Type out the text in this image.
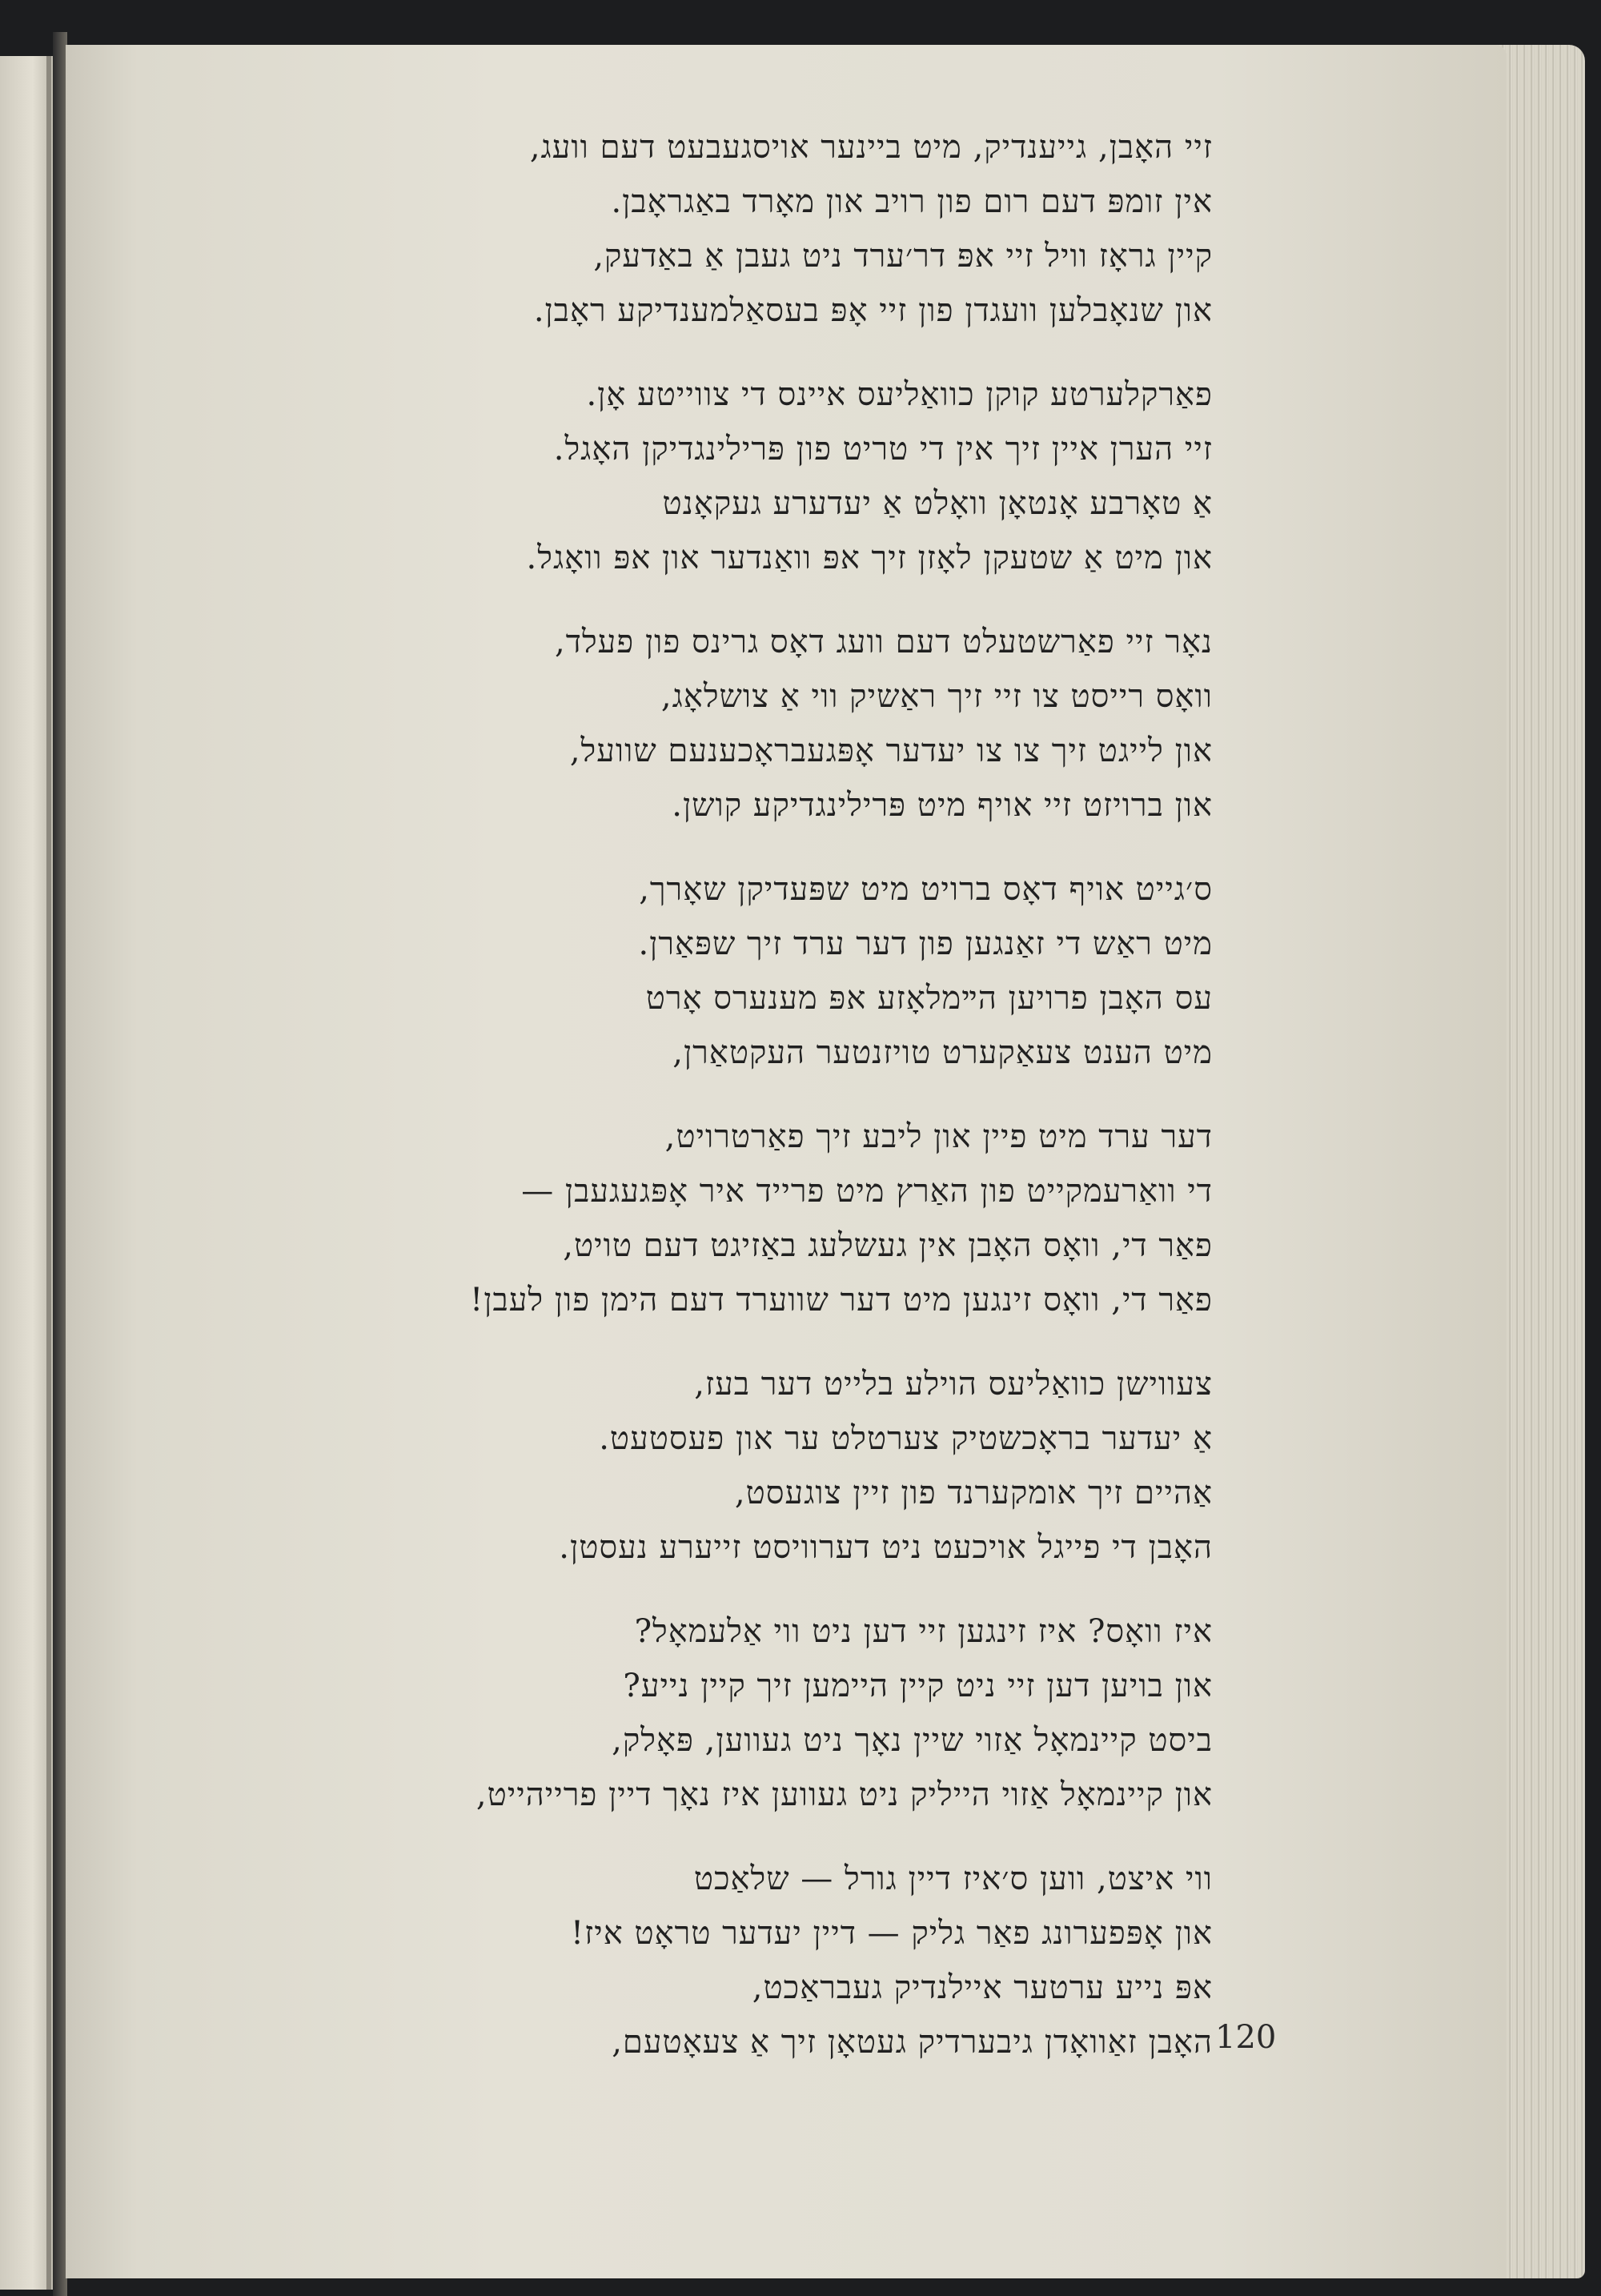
זיי האָבן, גייענדיק, מיט ביינער אויסגעבעט דעם וועג,
אין זומפּ דעם רום פון רויב און מאָרד באַגראָבן.
קיין גראָז וויל זיי אפּ דר׳ערד ניט געבן אַ באַדעק,
און שנאָבלען וועגדן פון זיי אָפּ בעסאַלמענדיקע ראָבן.
פאַרקלערטע קוקן כוואַליעס איינס די צווייטע אָן.
זיי הערן איין זיך אין די טריט פון פּרילינגדיקן האָגל.
אַ טאָרבע אָנטאָן וואָלט אַ יעדערע געקאָנט
און מיט אַ שטעקן לאָזן זיך אפּ וואַנדער און אפּ וואָגל.
נאָר זיי פאַרשטעלט דעם וועג דאָס גרינס פון פעלד,
וואָס רייסט צו זיי זיך ראַשיק ווי אַ צושלאָג,
און לייגט זיך צו צו יעדער אָפּגעבראָכענעם שוועל,
און ברויזט זיי אויף מיט פּרילינגדיקע קושן.
ס׳גייט אויף דאָס ברויט מיט שפּעדיקן שאָרך,
מיט ראַש די זאַנגען פון דער ערד זיך שפּאַרן.
עס האָבן פרויען הײמלאָזע אפּ מענערס אָרט
מיט הענט צעאַקערט טויזנטער העקטאַרן,
דער ערד מיט פיין און ליבע זיך פאַרטרויט,
די וואַרעמקייט פון האַרץ מיט פרייד איר אָפּגעגעבן —
פאַר די, וואָס האָבן אין געשלעג באַזיגט דעם טויט,
פאַר די, וואָס זינגען מיט דער שווערד דעם הימן פון לעבן!
צעווישן כוואַליעס הוילע בלייט דער בעז,
אַ יעדער בראָכשטיק צערטלט ער און פעסטעט.
אַהיים זיך אומקערנד פון זיין צוגעסט,
האָבן די פייגל אויכעט ניט דערוויסט זייערע נעסטן.
איז וואָס? איז זינגען זיי דען ניט ווי אַלעמאָל?
און בויען דען זיי ניט קיין היימען זיך קיין נייע?
ביסט קיינמאָל אַזוי שיין נאָך ניט געווען, פּאָלק,
און קיינמאָל אַזוי הייליק ניט געווען איז נאָך דיין פרייהייט,
ווי איצט, ווען ס׳איז דיין גורל — שלאַכט
און אָפּפערונג פאַר גליק — דיין יעדער טראָט איז!
אפּ נייע ערטער איילנדיק געבראַכט,
האָבן זאַוואָדן גיבערדיק געטאָן זיך אַ צעאָטעם, 120
